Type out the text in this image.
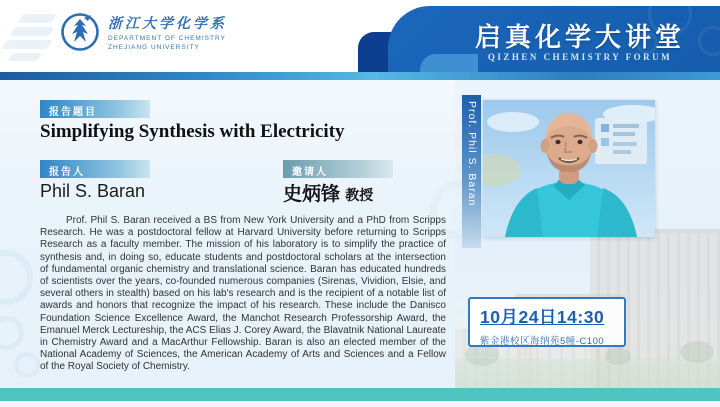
浙江大学化学系
DEPARTMENT OF CHEMISTRY
ZHEJIANG UNIVERSITY	启真化学大讲堂
QIZHEN CHEMISTRY FORUM
报告题目
Simplifying Synthesis with Electricity
报告人
Phil S. Baran
邀请人
史炳锋 教授
Prof. Phil S. Baran received a BS from New York University and a PhD from Scripps Research. He was a postdoctoral fellow at Harvard University before returning to Scripps Research as a faculty member. The mission of his laboratory is to simplify the practice of synthesis and, in doing so, educate students and postdoctoral scholars at the intersection of fundamental organic chemistry and translational science. Baran has educated hundreds of scientists over the years, co-founded numerous companies (Sirenas, Vividion, Elsie, and several others in stealth) based on his lab's research and is the recipient of a notable list of awards and honors that recognize the impact of his research. These include the Danisco Foundation Science Excellence Award, the Manchot Research Professorship Award, the Emanuel Merck Lectureship, the ACS Elias J. Corey Award, the Blavatnik National Laureate in Chemistry Award and a MacArthur Fellowship. Baran is also an elected member of the National Academy of Sciences, the American Academy of Arts and Sciences and a Fellow of the Royal Society of Chemistry.
Prof. Phil S. Baran
10月24日14:30
紫金港校区海纳苑5幢-C100
